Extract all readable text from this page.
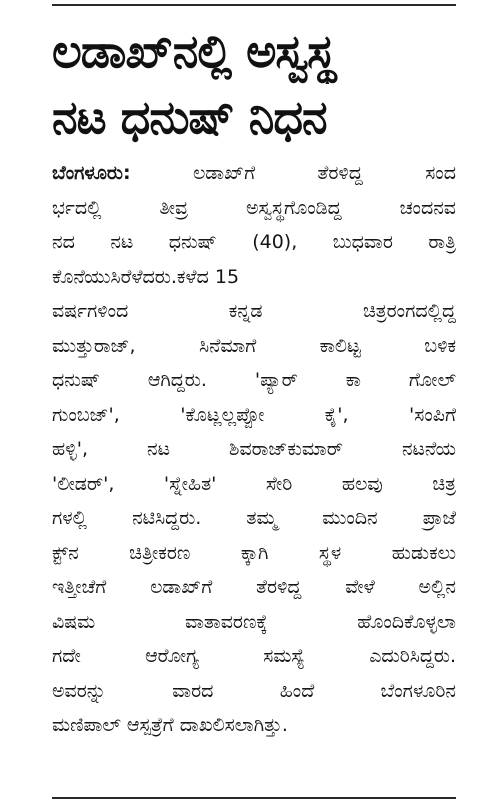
ಲಡಾಖ್‌ನಲ್ಲಿ ಅಸ್ವಸ್ಥ
ನಟ ಧನುಷ್ ನಿಧನ
ಬೆಂಗಳೂರು: ಲಡಾಖ್‌ಗೆ ತೆರಳಿದ್ದ ಸಂದ
ರ್ಭದಲ್ಲಿ ತೀವ್ರ ಅಸ್ವಸ್ಥಗೊಂಡಿದ್ದ ಚಂದನವ
ನದ ನಟ ಧನುಷ್ (40), ಬುಧವಾರ ರಾತ್ರಿ
ಕೊನೆಯುಸಿರೆಳೆದರು.ಕಳೆದ 15
ವರ್ಷಗಳಿಂದ ಕನ್ನಡ ಚಿತ್ರರಂಗದಲ್ಲಿದ್ದ
ಮುತ್ತುರಾಜ್, ಸಿನೆಮಾಗೆ ಕಾಲಿಟ್ಟ ಬಳಿಕ
ಧನುಷ್ ಆಗಿದ್ದರು. 'ಪ್ಯಾರ್ ಕಾ ಗೋಲ್
ಗುಂಬಜ್', 'ಕೊಟ್ಲಲ್ಲಪ್ಪೋ ಕೈ', 'ಸಂಪಿಗೆ
ಹಳ್ಳಿ', ನಟ ಶಿವರಾಜ್‌ಕುಮಾರ್ ನಟನೆಯ
'ಲೀಡರ್', 'ಸ್ನೇಹಿತ' ಸೇರಿ ಹಲವು ಚಿತ್ರ
ಗಳಲ್ಲಿ ನಟಿಸಿದ್ದರು. ತಮ್ಮ ಮುಂದಿನ ಪ್ರಾಜೆ
ಕ್ಟ್‌ನ ಚಿತ್ರೀಕರಣ ಕ್ಕಾಗಿ ಸ್ಥಳ ಹುಡುಕಲು
ಇತ್ತೀಚೆಗೆ ಲಡಾಖ್‌ಗೆ ತೆರಳಿದ್ದ ವೇಳೆ ಅಲ್ಲಿನ
ವಿಷಮ ವಾತಾವರಣಕ್ಕೆ ಹೊಂದಿಕೊಳ್ಳಲಾ
ಗದೇ ಆರೋಗ್ಯ ಸಮಸ್ಯೆ ಎದುರಿಸಿದ್ದರು.
ಅವರನ್ನು ವಾರದ ಹಿಂದೆ ಬೆಂಗಳೂರಿನ
ಮಣಿಪಾಲ್ ಆಸ್ಪತ್ರೆಗೆ ದಾಖಲಿಸಲಾಗಿತ್ತು.
